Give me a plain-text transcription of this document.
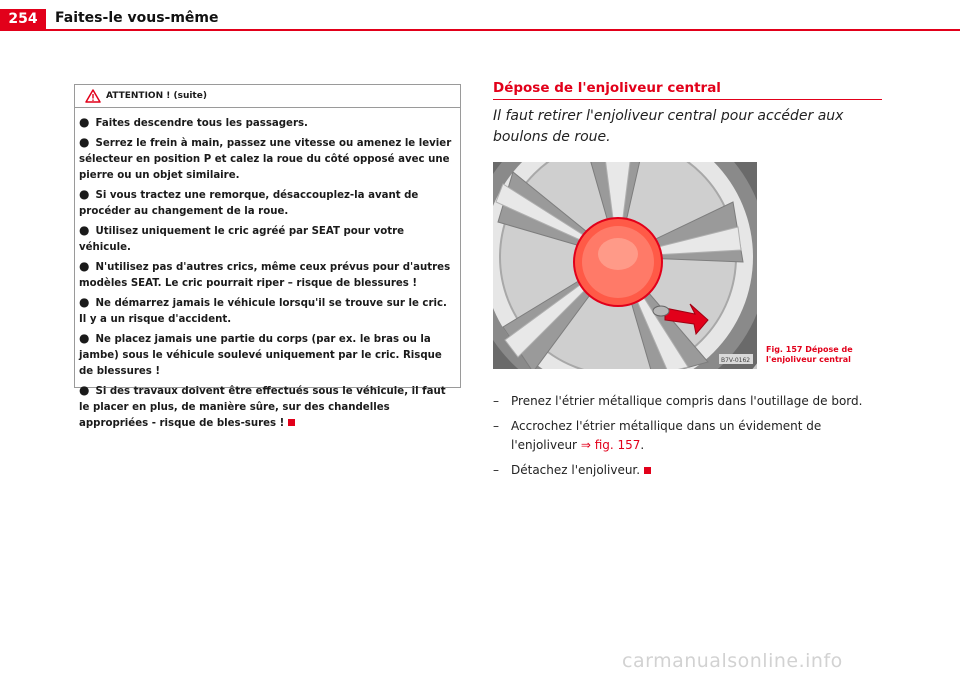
254	Faites-le vous-même
ATTENTION ! (suite)

● Faites descendre tous les passagers.

● Serrez le frein à main, passez une vitesse ou amenez le levier sélecteur en position P et calez la roue du côté opposé avec une pierre ou un objet similaire.

● Si vous tractez une remorque, désaccouplez-la avant de procéder au changement de la roue.

● Utilisez uniquement le cric agréé par SEAT pour votre véhicule.

● N'utilisez pas d'autres crics, même ceux prévus pour d'autres modèles SEAT. Le cric pourrait riper – risque de blessures !

● Ne démarrez jamais le véhicule lorsqu'il se trouve sur le cric. Il y a un risque d'accident.

● Ne placez jamais une partie du corps (par ex. le bras ou la jambe) sous le véhicule soulevé uniquement par le cric. Risque de blessures !

● Si des travaux doivent être effectués sous le véhicule, il faut le placer en plus, de manière sûre, sur des chandelles appropriées - risque de bles-sures !

Dépose de l'enjoliveur central
Il faut retirer l'enjoliveur central pour accéder aux boulons de roue.
B7V-0162
Fig. 157 Dépose de l'enjoliveur central
–	Prenez l'étrier métallique compris dans l'outillage de bord.
–	Accrochez l'étrier métallique dans un évidement de l'enjoliveur ⇒ fig. 157.
–	Détachez l'enjoliveur.
carmanualsonline.info
